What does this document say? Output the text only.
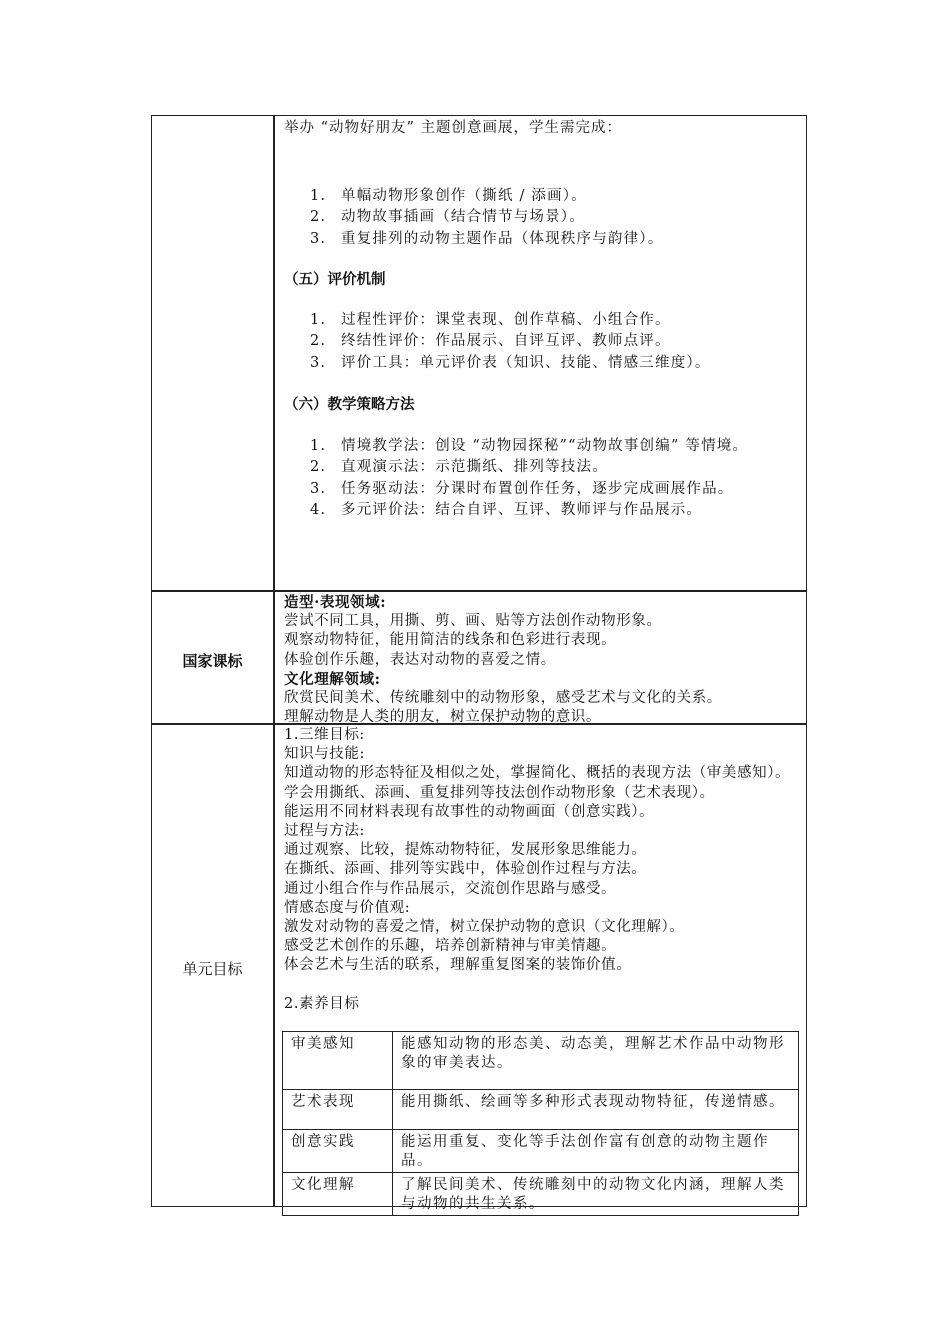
举办 “动物好朋友” 主题创意画展，学生需完成：
1. 单幅动物形象创作（撕纸 / 添画）。
2. 动物故事插画（结合情节与场景）。
3. 重复排列的动物主题作品（体现秩序与韵律）。
（五）评价机制
1. 过程性评价：课堂表现、创作草稿、小组合作。
2. 终结性评价：作品展示、自评互评、教师点评。
3. 评价工具：单元评价表（知识、技能、情感三维度）。
（六）教学策略方法
1. 情境教学法：创设 “动物园探秘”“动物故事创编” 等情境。
2. 直观演示法：示范撕纸、排列等技法。
3. 任务驱动法：分课时布置创作任务，逐步完成画展作品。
4. 多元评价法：结合自评、互评、教师评与作品展示。
国家课标
造型·表现领域:
尝试不同工具，用撕、剪、画、贴等方法创作动物形象。
观察动物特征，能用简洁的线条和色彩进行表现。
体验创作乐趣，表达对动物的喜爱之情。
文化理解领域:
欣赏民间美术、传统雕刻中的动物形象，感受艺术与文化的关系。
理解动物是人类的朋友，树立保护动物的意识。
单元目标
1.三维目标:
知识与技能:
知道动物的形态特征及相似之处，掌握简化、概括的表现方法（审美感知）。
学会用撕纸、添画、重复排列等技法创作动物形象（艺术表现）。
能运用不同材料表现有故事性的动物画面（创意实践）。
过程与方法:
通过观察、比较，提炼动物特征，发展形象思维能力。
在撕纸、添画、排列等实践中，体验创作过程与方法。
通过小组合作与作品展示，交流创作思路与感受。
情感态度与价值观:
激发对动物的喜爱之情，树立保护动物的意识（文化理解）。
感受艺术创作的乐趣，培养创新精神与审美情趣。
体会艺术与生活的联系，理解重复图案的装饰价值。
2.素养目标
审美感知	能感知动物的形态美、动态美，理解艺术作品中动物形象的审美表达。
艺术表现	能用撕纸、绘画等多种形式表现动物特征，传递情感。
创意实践	能运用重复、变化等手法创作富有创意的动物主题作品。
文化理解	了解民间美术、传统雕刻中的动物文化内涵，理解人类与动物的共生关系。
